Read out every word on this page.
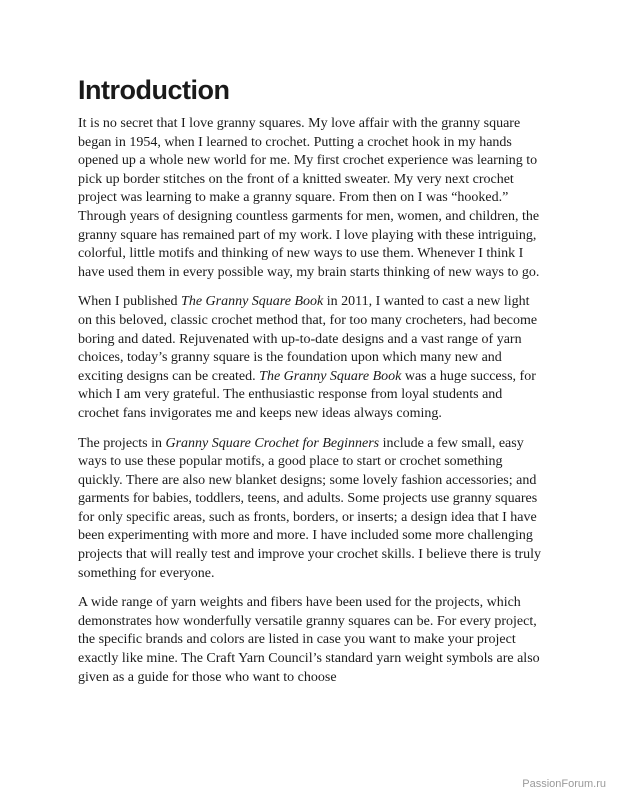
Introduction

It is no secret that I love granny squares. My love affair with the granny square began in 1954, when I learned to crochet. Putting a crochet hook in my hands opened up a whole new world for me. My first crochet experience was learning to pick up border stitches on the front of a knitted sweater. My very next crochet project was learning to make a granny square. From then on I was “hooked.” Through years of designing countless garments for men, women, and children, the granny square has remained part of my work. I love playing with these intriguing, colorful, little motifs and thinking of new ways to use them. Whenever I think I have used them in every possible way, my brain starts thinking of new ways to go.

When I published The Granny Square Book in 2011, I wanted to cast a new light on this beloved, classic crochet method that, for too many crocheters, had become boring and dated. Rejuvenated with up-to-date designs and a vast range of yarn choices, today’s granny square is the foundation upon which many new and exciting designs can be created. The Granny Square Book was a huge success, for which I am very grateful. The enthusiastic response from loyal students and crochet fans invigorates me and keeps new ideas always coming.

The projects in Granny Square Crochet for Beginners include a few small, easy ways to use these popular motifs, a good place to start or crochet something quickly. There are also new blanket designs; some lovely fashion accessories; and garments for babies, toddlers, teens, and adults. Some projects use granny squares for only specific areas, such as fronts, borders, or inserts; a design idea that I have been experimenting with more and more. I have included some more challenging projects that will really test and improve your crochet skills. I believe there is truly something for everyone.

A wide range of yarn weights and fibers have been used for the projects, which demonstrates how wonderfully versatile granny squares can be. For every project, the specific brands and colors are listed in case you want to make your project exactly like mine. The Craft Yarn Council’s standard yarn weight symbols are also given as a guide for those who want to choose

PassionForum.ru
